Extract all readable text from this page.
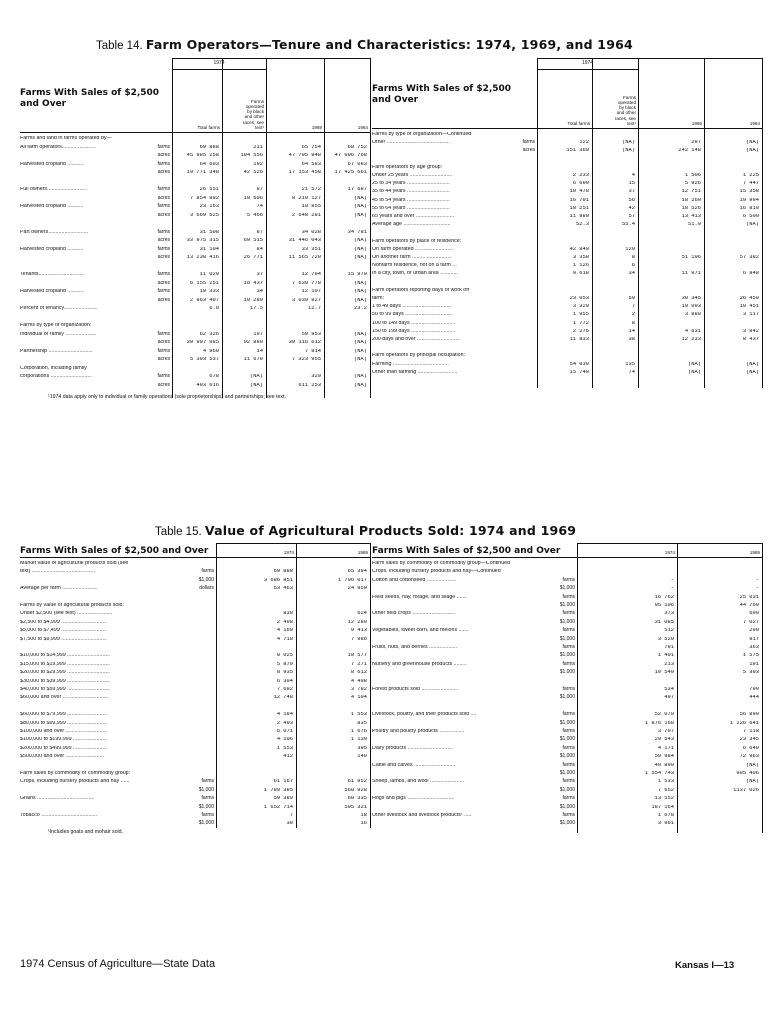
Table 14. Farm Operators—Tenure and Characteristics: 1974, 1969, and 1964
Table 15. Value of Agricultural Products Sold: 1974 and 1969
Farms With Sales of $2,500 and Over
1974
Total farms
Farms
operated
by black
and other
races, see
text¹	1969	1964
Farms and land in farms operated by—
All farm operators.......................	farms	69 888	211	65 754	68 752
acres	45 985 258	104 556	47 795 948	47 006 768
Harvested cropland ...........	farms	64 603	192	64 583	67 083
acres	19 771 348	42 526	17 153 458	17 425 661
Full owners...........................	farms	26 551	87	21 572	17 687
acres	7 854 892	18 606	8 210 127	(NA)
Harvested cropland ...........	farms	23 163	74	18 855	(NA)
acres	3 669 525	5 466	2 648 281	(NA)
Part owners...........................	farms	31 508	87	34 028	34 781
acres	33 975 315	69 515	31 446 043	(NA)
Harvested cropland ...........	farms	31 104	84	33 351	(NA)
acres	13 238 416	26 771	11 565 720	(NA)
Tenants...............................	farms	11 029	37	12 794	15 979
acres	6 155 251	16 437	7 639 778	(NA)
Harvested cropland ...........	farms	10 333	34	12 107	(NA)
acres	2 863 407	10 289	3 039 827	(NA)
Percent of tenancy.......................	6.0	17.5	12.7	23.2
Farms by type of organization:
Individual or family .....................	farms	62 326	197	59 953	(NA)
acres	39 907 085	92 880	39 116 612	(NA)
Partnership ..............................	farms	4 960	14	7 814	(NA)
acres	5 393 537	11 670	7 323 955	(NA)
Corporation, including family
corporations ............................	farms	678	(NA)	329	(NA)
acres	493 616	(NA)	611 253	(NA)
Farms With Sales of $2,500 and Over
1974
Total farms
Farms
operated
by black
and other
races, see
text¹	1969	1964
Farms by type of organization—Continued
Other ...........................................	farms	122	(NA)	297	(NA)
acres	151 360	(NA)	242 148	(NA)
Farm operators by age group:
Under 25 years .............................	2 233	4	1 506	1 225
25 to 34 years .............................	6 690	15	5 926	7 447
35 to 44 years .............................	10 478	37	12 751	15 358
45 to 54 years .............................	16 701	56	18 260	19 994
55 to 64 years .............................	18 251	42	18 526	16 810
65 years and over ..........................	11 880	57	13 413	6 500
Average age ................................	52.3	55.4	51.0	(NA)
Farm operators by place of residence:
On farm operated ..........................	42 849	120
On another farm ...........................	3 358	8	51 196	57 382
Nonfarm residence, not on a farm ...	1 126	6
In a city, town, or urban area ............	9 618	34	11 971	6 848
Farm operators reporting days of work off
farm:	23 053	69	30 345	26 450
1 to 49 days .................................	3 320	7	10 093	10 451
50 to 99 days ................................	1 955	2	3 888	3 117
100 to 149 days ..............................	1 772	8
150 to 199 days ..............................	2 276	14	4 631	3 842
200 days and over .............................	11 833	38	12 233	8 437
Farm operators by principal occupation:
Farming ......................................	54 039	135	(NA)	(NA)
Other than farming ...........................	15 749	74	(NA)	(NA)
¹1974 data apply only to individual or family operations (sole proprietorships) and partnerships; see text.
Farms With Sales of $2,500 and Over	1974	1969
Market value of agricultural products sold (see
text) ...........................................	farms	69 888	65 394
$1,000	3 686 851	1 796 017
Average per farm ........................	dollars	53 463	24 959
Farms by value of agricultural products sold:
Under $2,500 (see text) ........................	830	624
$2,500 to $4,999 ...............................	2 498	12 280
$5,000 to $7,499 ...............................	4 169	9 413
$7,500 to $9,999 ...............................	4 718	7 986
$10,000 to $14,999 .............................	8 025	10 577
$15,000 to $19,999 .............................	5 879	7 271
$20,000 to $29,999 .............................	8 935	8 612
$30,000 to $39,999 .............................	6 304	4 498
$40,000 to $59,999 .............................	7 692	3 782
$60,000 and over ...............................	12 748	4 104
$60,000 to $79,999 ...........................	4 184	1 553
$80,000 to $99,999 ...........................	2 493	835
$100,000 and over ............................	6 071	1 676
$100,000 to $199,999 .......................	4 106	1 139
$200,000 to $499,999 .......................	1 553	395
$500,000 and over ..........................	412	149
Farm sales by commodity or commodity group:
Crops, including nursery products and hay ......	farms	61 167	61 952
$1,000	1 789 385	568 928
Grains .......................................	farms	59 389	60 335
$1,000	1 652 714	505 321
Tobacco ......................................	farms	7	18
$1,000	30	16
Farms With Sales of $2,500 and Over	1974	1969
Farm sales by commodity or commodity group—Continued
Crops, including nursery products and hay—Continued
Cotton and cottonseed ....................	farms	-	-
$1,000	-	-
Field seeds, hay, forage, and silage .......	farms	16 762	25 031
$1,000	95 106	44 769
Other field crops .............................	farms	373	609
$1,000	31 085	7 027
Vegetables, sweet corn, and melons .......	farms	512	299
$1,000	3 520	917
Fruits, nuts, and berries ...................	farms	791	363
$1,000	1 401	1 575
Nursery and greenhouse products .........	farms	213	191
$1,000	10 549	5 393
Forest products sold .........................	farms	534	799
$1,000	497	444
Livestock, poultry, and their products sold ....	farms	52 070	56 899
$1,000	1 876 168	1 226 641
Poultry and poultry products .................	farms	3 707	7 118
$1,000	29 543	23 345
Dairy products ...............................	farms	4 171	6 640
$1,000	59 984	72 963
Cattle and calves ............................	farms	40 899	(NA)
$1,000	1 554 743	995 406
Sheep, lambs, and wool .......................	farms	1 533	(NA)
$1,000	7 652	1137 026
Hogs and pigs ................................	farms	13 552
$1,000	187 164
Other livestock and livestock products¹ .....	farms	1 678
$1,000	3 961
¹Includes goats and mohair sold.
1974 Census of Agriculture—State Data	Kansas I—13
